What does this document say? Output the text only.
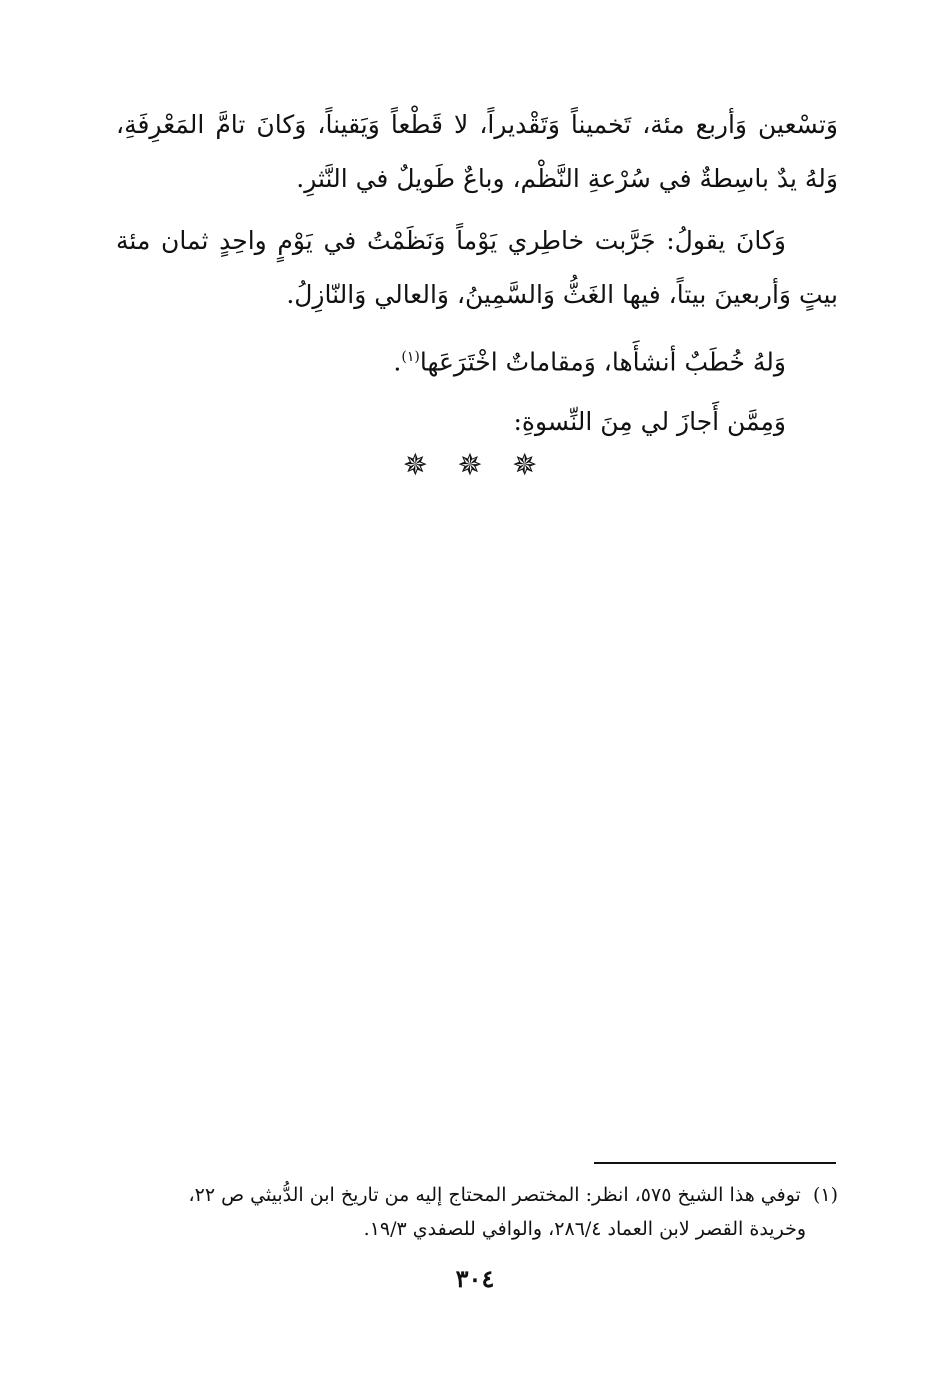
وَتسْعين وَأربع مئة، تَخميناً وَتَقْديراً، لا قَطْعاً وَيَقيناً، وَكانَ تامَّ المَعْرِفَةِ، وَلهُ يدٌ باسِطةٌ في سُرْعةِ النَّظْم، وباعٌ طَويلٌ في النَّثرِ.

وَكانَ يقولُ: جَرَّبت خاطِري يَوْماً وَنَظَمْتُ في يَوْمٍ واحِدٍ ثمان مئة بيتٍ وَأربعينَ بيتاً، فيها الغَثُّ وَالسَّمِينُ، وَالعالي وَالنّازِلُ.

وَلهُ خُطَبٌ أنشأَها، وَمقاماتٌ اخْتَرَعَها$^{(١)}$.

وَمِمَّن أَجازَ لي مِنَ النِّسوةِ:

✵ ✵ ✵

(١)  توفي هذا الشيخ ٥٧٥، انظر: المختصر المحتاج إليه من تاريخ ابن الدُّبيثي ص ٢٢،

وخريدة القصر لابن العماد ٢٨٦/٤، والوافي للصفدي ١٩/٣.

٣٠٤
